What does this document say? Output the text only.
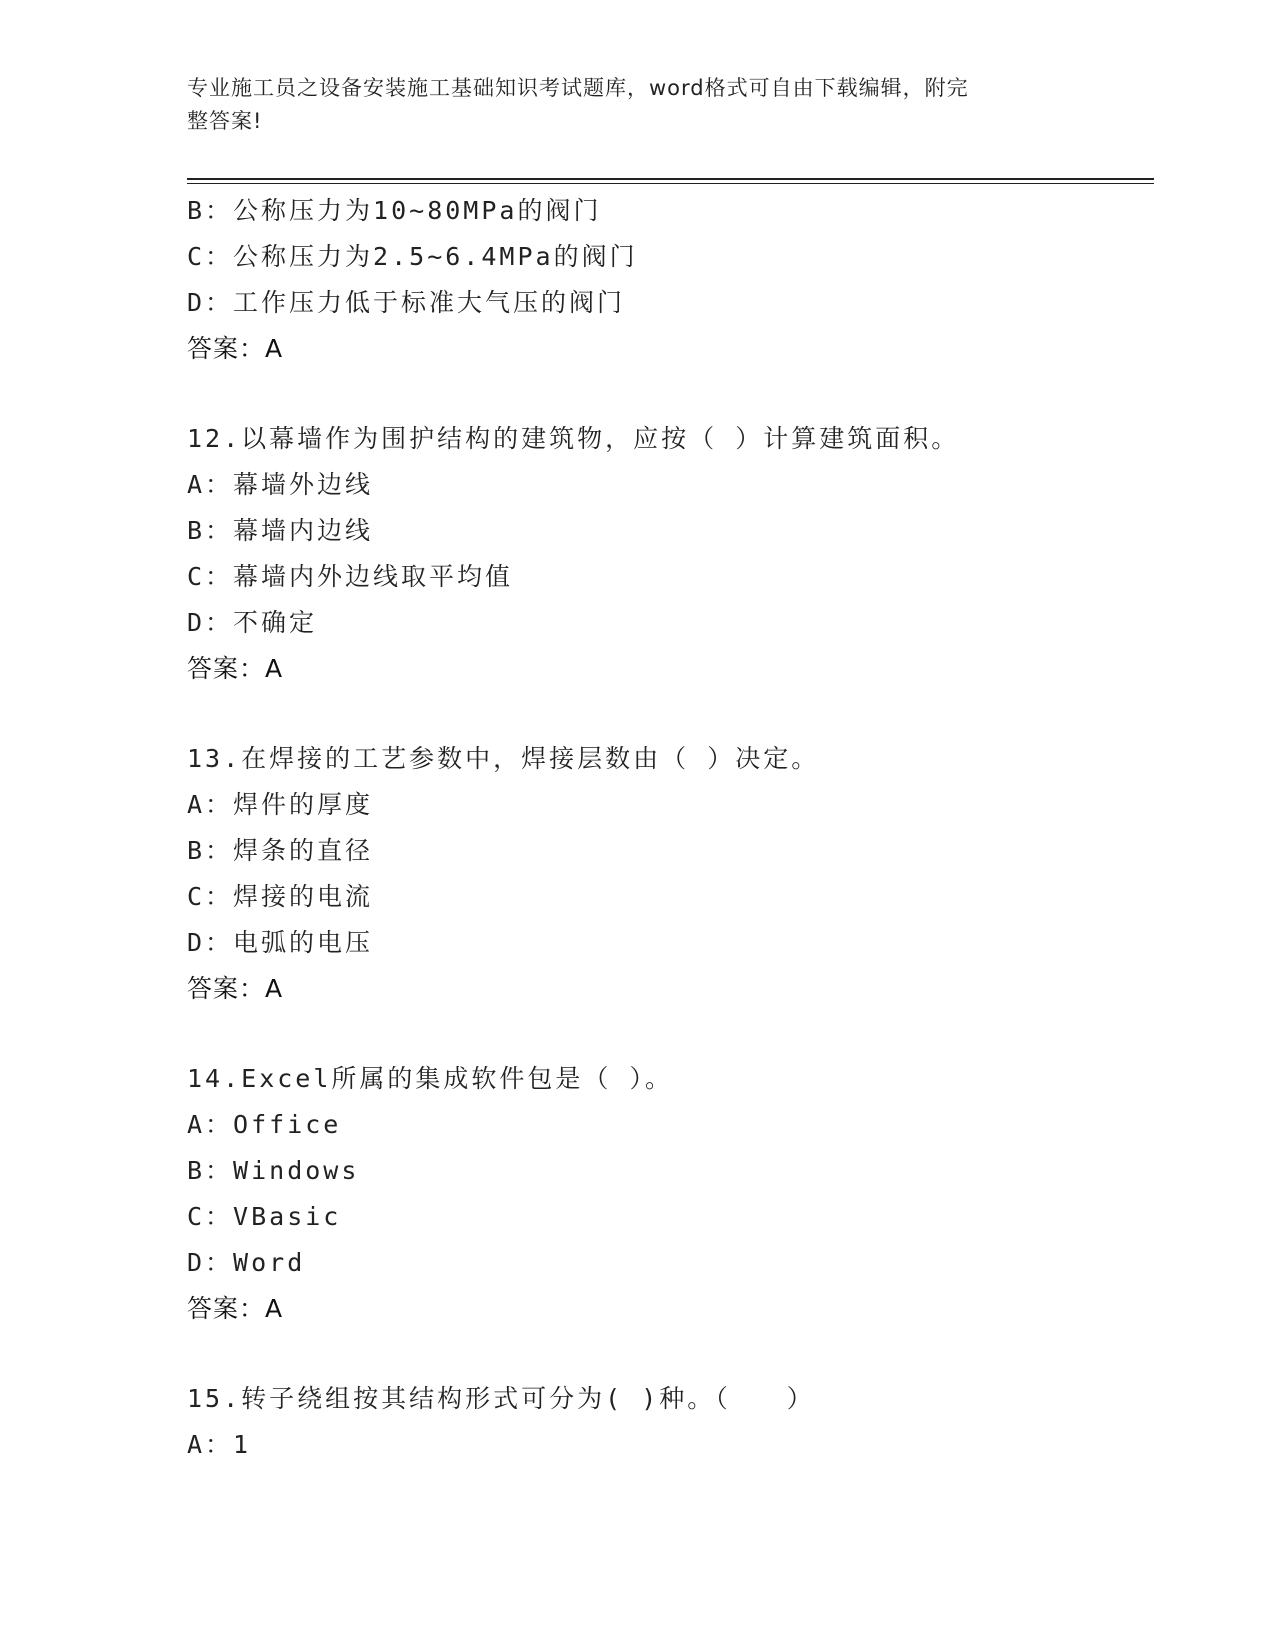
专业施工员之设备安装施工基础知识考试题库，word格式可自由下载编辑，附完
整答案!
B：公称压力为10~80MPa的阀门
C：公称压力为2.5~6.4MPa的阀门
D：工作压力低于标准大气压的阀门
答案：A
12.以幕墙作为围护结构的建筑物，应按（ ）计算建筑面积。
A：幕墙外边线
B：幕墙内边线
C：幕墙内外边线取平均值
D：不确定
答案：A
13.在焊接的工艺参数中，焊接层数由（ ）决定。
A：焊件的厚度
B：焊条的直径
C：焊接的电流
D：电弧的电压
答案：A
14.Excel所属的集成软件包是（ ）。
A：Office
B：Windows
C：VBasic
D：Word
答案：A
15.转子绕组按其结构形式可分为( )种。（　　）
A：1
